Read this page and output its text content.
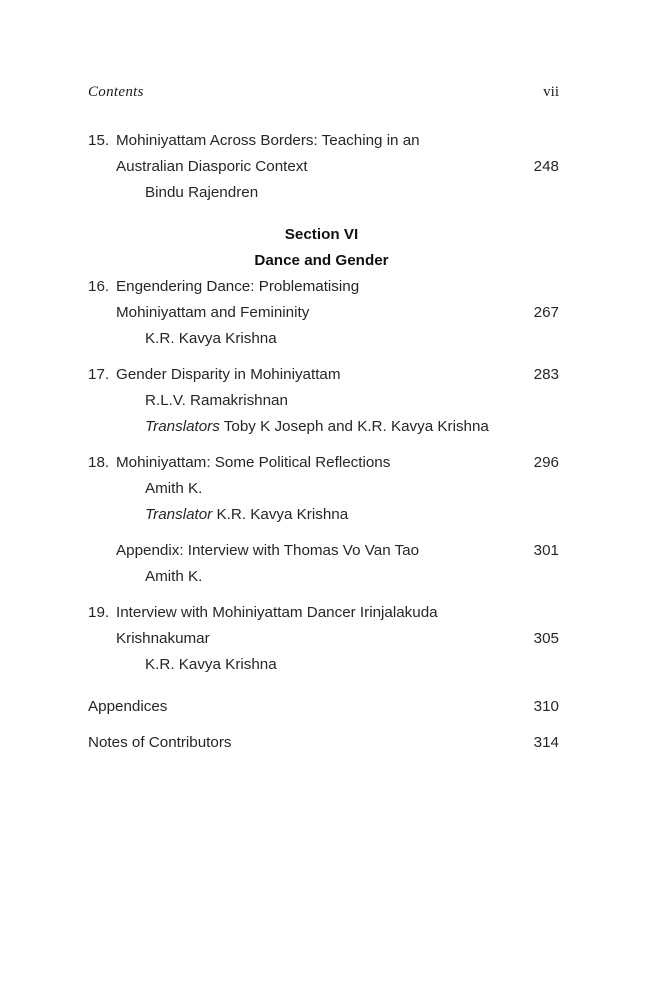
Contents	vii
15. Mohiniyattam Across Borders: Teaching in an
Australian Diasporic Context	248
Bindu Rajendren
Section VI
Dance and Gender
16. Engendering Dance: Problematising
Mohiniyattam and Femininity	267
K.R. Kavya Krishna
17. Gender Disparity in Mohiniyattam	283
R.L.V. Ramakrishnan
Translators Toby K Joseph and K.R. Kavya Krishna
18. Mohiniyattam: Some Political Reflections	296
Amith K.
Translator K.R. Kavya Krishna
Appendix: Interview with Thomas Vo Van Tao	301
Amith K.
19. Interview with Mohiniyattam Dancer Irinjalakuda
Krishnakumar	305
K.R. Kavya Krishna
Appendices	310
Notes of Contributors	314
